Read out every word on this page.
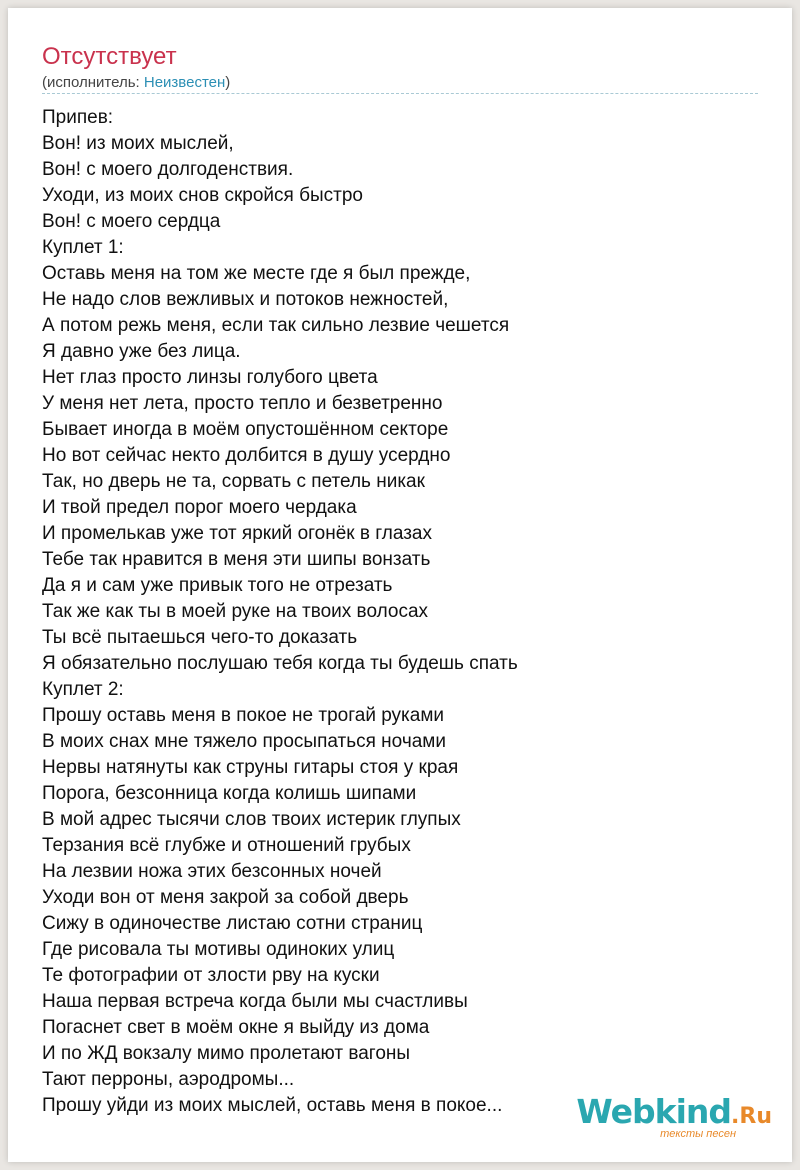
Отсутствует
(исполнитель: Неизвестен)
Припев:
Вон! из моих мыслей,
Вон! с моего долгоденствия.
Уходи, из моих снов скройся быстро
Вон! с моего сердца
Куплет 1:
Оставь меня на том же месте где я был прежде,
Не надо слов вежливых и потоков нежностей,
А потом режь меня, если так сильно лезвие чешется
Я давно уже без лица.
Нет глаз просто линзы голубого цвета
У меня нет лета, просто тепло и безветренно
Бывает иногда в моём опустошённом секторе
Но вот сейчас некто долбится в душу усердно
Так, но дверь не та, сорвать с петель никак
И твой предел порог моего чердака
И промелькав уже тот яркий огонёк в глазах
Тебе так нравится в меня эти шипы вонзать
Да я и сам уже привык того не отрезать
Так же как ты в моей руке на твоих волосах
Ты всё пытаешься чего-то доказать
Я обязательно послушаю тебя когда ты будешь спать
Куплет 2:
Прошу оставь меня в покое не трогай руками
В моих снах мне тяжело просыпаться ночами
Нервы натянуты как струны гитары стоя у края
Порога, безсонница когда колишь шипами
В мой адрес тысячи слов твоих истерик глупых
Терзания всё глубже и отношений грубых
На лезвии ножа этих безсонных ночей
Уходи вон от меня закрой за собой дверь
Сижу в одиночестве листаю сотни страниц
Где рисовала ты мотивы одиноких улиц
Те фотографии от злости рву на куски
Наша первая встреча когда были мы счастливы
Погаснет свет в моём окне я выйду из дома
И по ЖД вокзалу мимо пролетают вагоны
Тают перроны, аэродромы...
Прошу уйди из моих мыслей, оставь меня в покое...	Webkind.Ru
тексты песен
